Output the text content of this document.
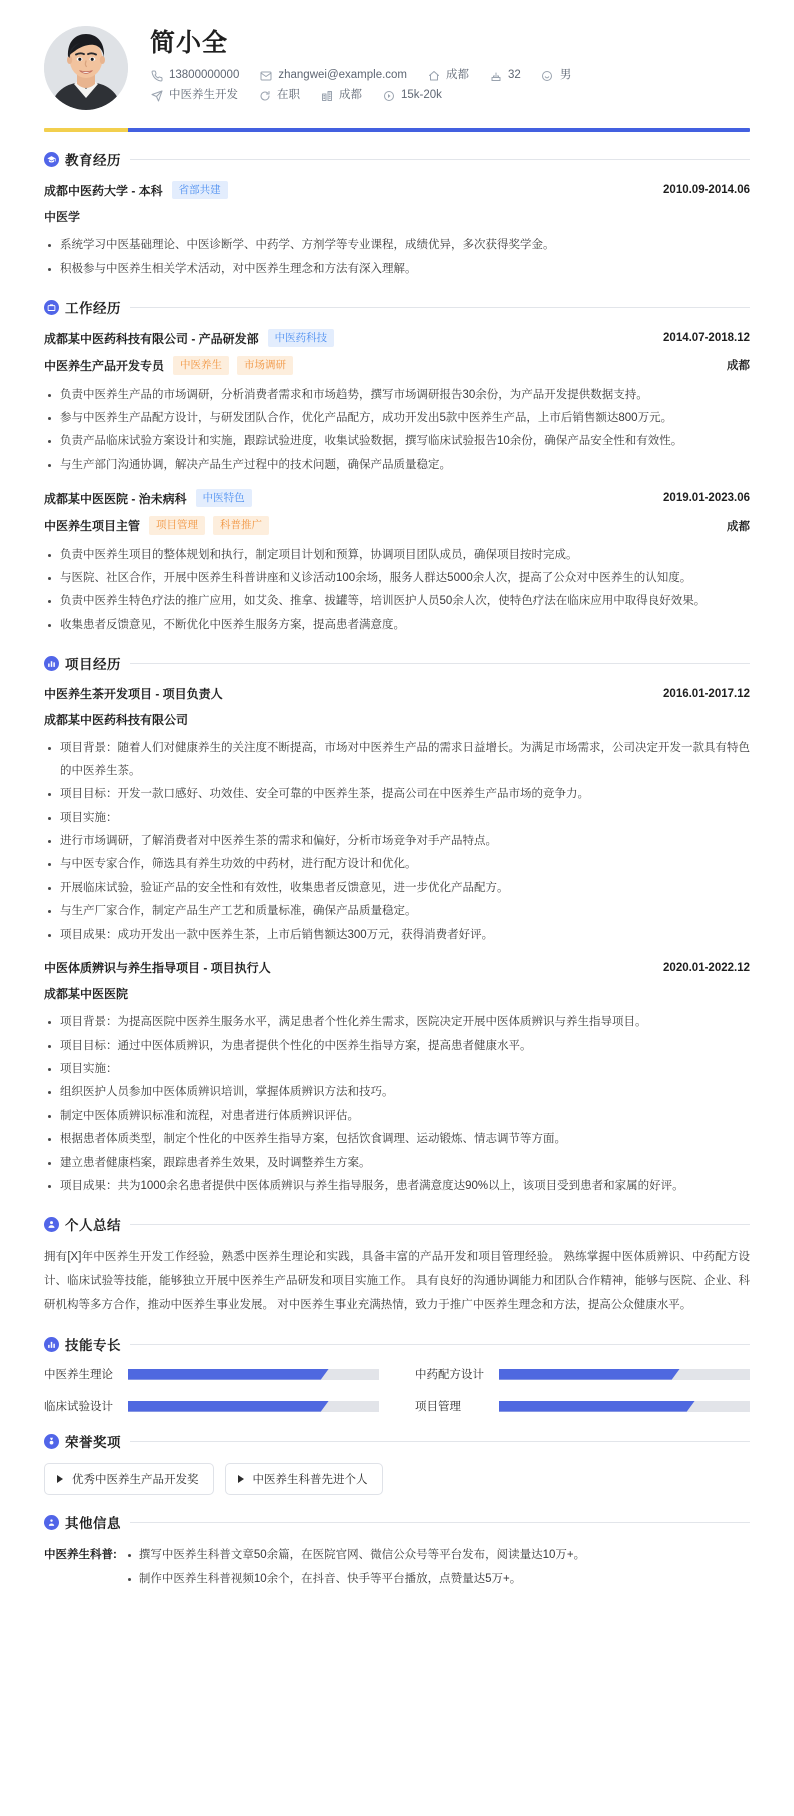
简小全
13800000000	zhangwei@example.com	成都	32	男
中医养生开发	在职	成都	15k-20k
教育经历
成都中医药大学 - 本科	省部共建	2010.09-2014.06
中医学
系统学习中医基础理论、中医诊断学、中药学、方剂学等专业课程，成绩优异，多次获得奖学金。
积极参与中医养生相关学术活动，对中医养生理念和方法有深入理解。
工作经历
成都某中医药科技有限公司 - 产品研发部	中医药科技	2014.07-2018.12
中医养生产品开发专员	中医养生	市场调研	成都
负责中医养生产品的市场调研，分析消费者需求和市场趋势，撰写市场调研报告30余份，为产品开发提供数据支持。
参与中医养生产品配方设计，与研发团队合作，优化产品配方，成功开发出5款中医养生产品，上市后销售额达800万元。
负责产品临床试验方案设计和实施，跟踪试验进度，收集试验数据，撰写临床试验报告10余份，确保产品安全性和有效性。
与生产部门沟通协调，解决产品生产过程中的技术问题，确保产品质量稳定。
成都某中医医院 - 治未病科	中医特色	2019.01-2023.06
中医养生项目主管	项目管理	科普推广	成都
负责中医养生项目的整体规划和执行，制定项目计划和预算，协调项目团队成员，确保项目按时完成。
与医院、社区合作，开展中医养生科普讲座和义诊活动100余场，服务人群达5000余人次，提高了公众对中医养生的认知度。
负责中医养生特色疗法的推广应用，如艾灸、推拿、拔罐等，培训医护人员50余人次，使特色疗法在临床应用中取得良好效果。
收集患者反馈意见，不断优化中医养生服务方案，提高患者满意度。
项目经历
中医养生茶开发项目 - 项目负责人	2016.01-2017.12
成都某中医药科技有限公司
项目背景：随着人们对健康养生的关注度不断提高，市场对中医养生产品的需求日益增长。为满足市场需求，公司决定开发一款具有特色的中医养生茶。
项目目标：开发一款口感好、功效佳、安全可靠的中医养生茶，提高公司在中医养生产品市场的竞争力。
项目实施：
进行市场调研，了解消费者对中医养生茶的需求和偏好，分析市场竞争对手产品特点。
与中医专家合作，筛选具有养生功效的中药材，进行配方设计和优化。
开展临床试验，验证产品的安全性和有效性，收集患者反馈意见，进一步优化产品配方。
与生产厂家合作，制定产品生产工艺和质量标准，确保产品质量稳定。
项目成果：成功开发出一款中医养生茶，上市后销售额达300万元，获得消费者好评。
中医体质辨识与养生指导项目 - 项目执行人	2020.01-2022.12
成都某中医医院
项目背景：为提高医院中医养生服务水平，满足患者个性化养生需求，医院决定开展中医体质辨识与养生指导项目。
项目目标：通过中医体质辨识，为患者提供个性化的中医养生指导方案，提高患者健康水平。
项目实施：
组织医护人员参加中医体质辨识培训，掌握体质辨识方法和技巧。
制定中医体质辨识标准和流程，对患者进行体质辨识评估。
根据患者体质类型，制定个性化的中医养生指导方案，包括饮食调理、运动锻炼、情志调节等方面。
建立患者健康档案，跟踪患者养生效果，及时调整养生方案。
项目成果：共为1000余名患者提供中医体质辨识与养生指导服务，患者满意度达90%以上，该项目受到患者和家属的好评。
个人总结
拥有[X]年中医养生开发工作经验，熟悉中医养生理论和实践，具备丰富的产品开发和项目管理经验。 熟练掌握中医体质辨识、中药配方设计、临床试验等技能，能够独立开展中医养生产品研发和项目实施工作。 具有良好的沟通协调能力和团队合作精神，能够与医院、企业、科研机构等多方合作，推动中医养生事业发展。 对中医养生事业充满热情，致力于推广中医养生理念和方法，提高公众健康水平。
技能专长
中医养生理论	中药配方设计
临床试验设计	项目管理
荣誉奖项
优秀中医养生产品开发奖	中医养生科普先进个人
其他信息
中医养生科普:	撰写中医养生科普文章50余篇，在医院官网、微信公众号等平台发布，阅读量达10万+。
制作中医养生科普视频10余个，在抖音、快手等平台播放，点赞量达5万+。
